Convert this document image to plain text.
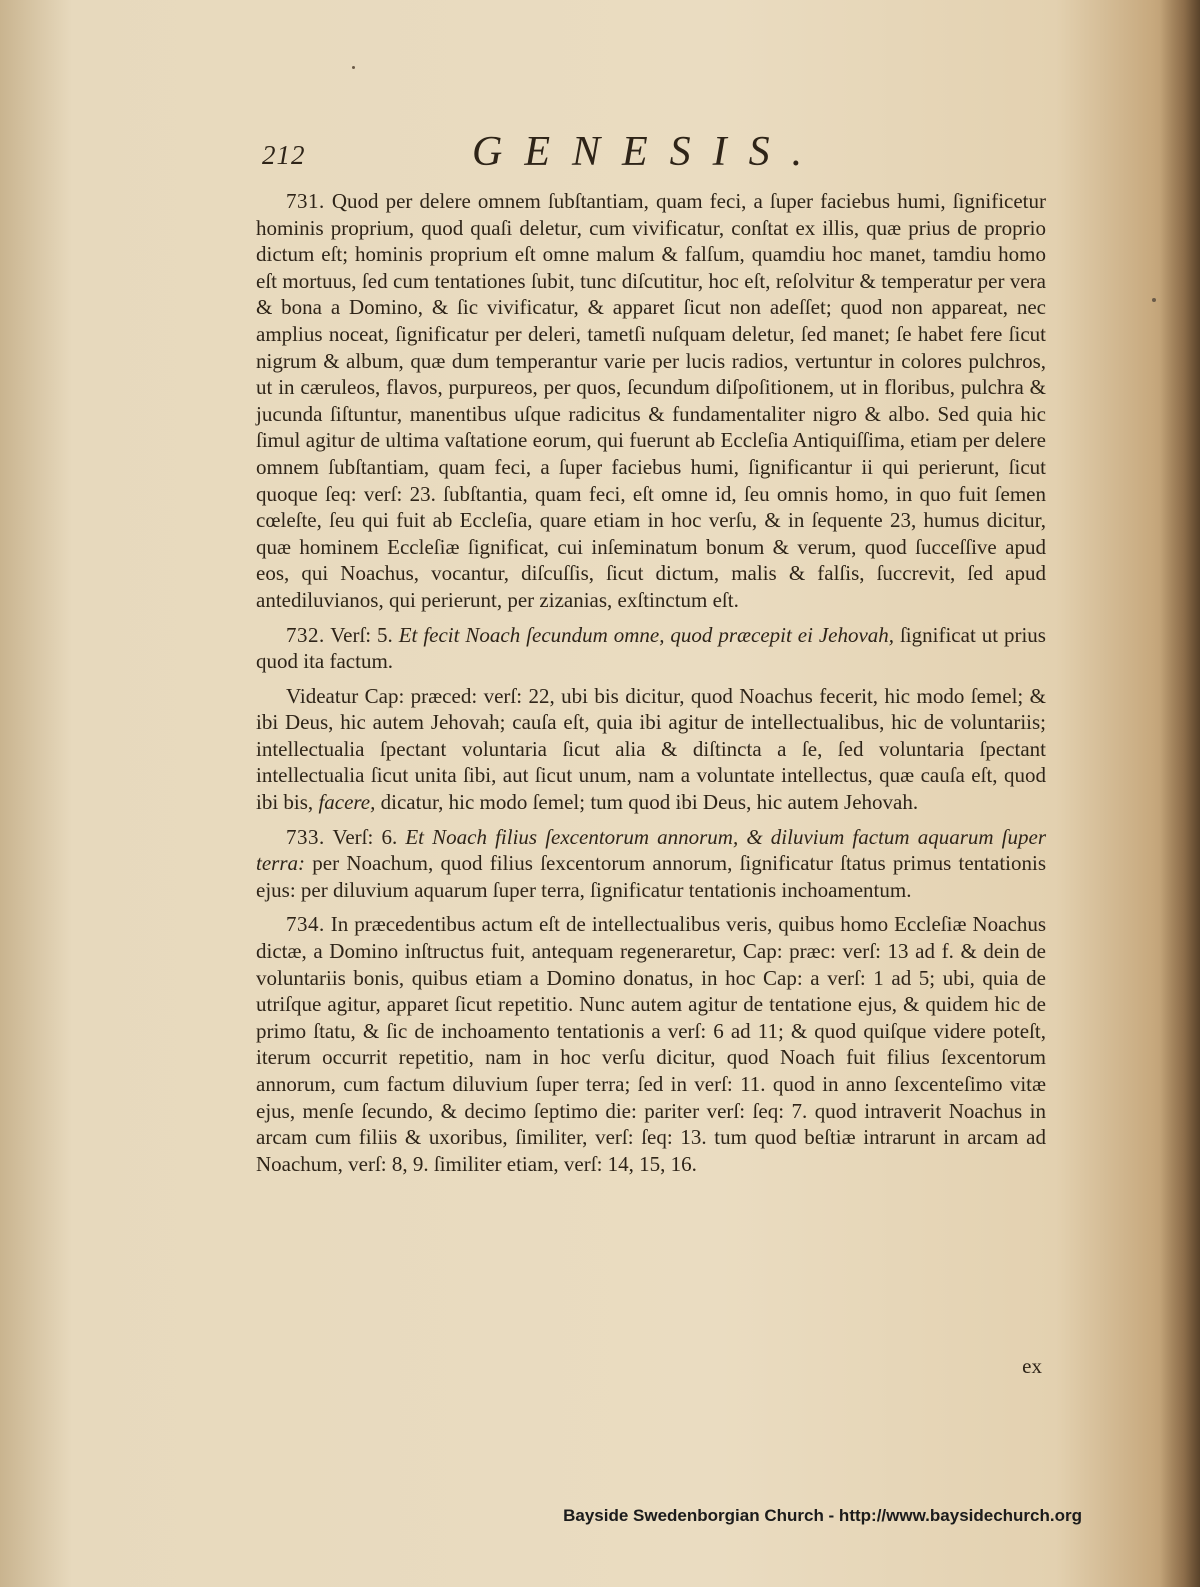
212	GENESIS.

731. Quod per delere omnem ſubſtantiam, quam feci, a ſuper faciebus humi, ſignificetur hominis proprium, quod quaſi deletur, cum vivificatur, conſtat ex illis, quæ prius de proprio dictum eſt; hominis proprium eſt omne malum & falſum, quamdiu hoc manet, tamdiu homo eſt mortuus, ſed cum tentationes ſubit, tunc diſcutitur, hoc eſt, reſolvitur & temperatur per vera & bona a Domino, & ſic vivificatur, & apparet ſicut non adeſſet; quod non appareat, nec amplius noceat, ſignificatur per deleri, tametſi nuſquam deletur, ſed manet; ſe habet fere ſicut nigrum & album, quæ dum temperantur varie per lucis radios, vertuntur in colores pulchros, ut in cæruleos, flavos, purpureos, per quos, ſecundum diſpoſitionem, ut in floribus, pulchra & jucunda ſiſtuntur, manentibus uſque radicitus & fundamentaliter nigro & albo. Sed quia hic ſimul agitur de ultima vaſtatione eorum, qui fuerunt ab Eccleſia Antiquiſſima, etiam per delere omnem ſubſtantiam, quam feci, a ſuper faciebus humi, ſignificantur ii qui perierunt, ſicut quoque ſeq: verſ: 23. ſubſtantia, quam feci, eſt omne id, ſeu omnis homo, in quo fuit ſemen cœleſte, ſeu qui fuit ab Eccleſia, quare etiam in hoc verſu, & in ſequente 23, humus dicitur, quæ hominem Eccleſiæ ſignificat, cui inſeminatum bonum & verum, quod ſucceſſive apud eos, qui Noachus, vocantur, diſcuſſis, ſicut dictum, malis & falſis, ſuccrevit, ſed apud antediluvianos, qui perierunt, per zizanias, exſtinctum eſt.

732. Verſ: 5. Et fecit Noach ſecundum omne, quod præcepit ei Jehovah, ſignificat ut prius quod ita factum.

Videatur Cap: præced: verſ: 22, ubi bis dicitur, quod Noachus fecerit, hic modo ſemel; & ibi Deus, hic autem Jehovah; cauſa eſt, quia ibi agitur de intellectualibus, hic de voluntariis; intellectualia ſpectant voluntaria ſicut alia & diſtincta a ſe, ſed voluntaria ſpectant intellectualia ſicut unita ſibi, aut ſicut unum, nam a voluntate intellectus, quæ cauſa eſt, quod ibi bis, facere, dicatur, hic modo ſemel; tum quod ibi Deus, hic autem Jehovah.

733. Verſ: 6. Et Noach filius ſexcentorum annorum, & diluvium factum aquarum ſuper terra: per Noachum, quod filius ſexcentorum annorum, ſignificatur ſtatus primus tentationis ejus: per diluvium aquarum ſuper terra, ſignificatur tentationis inchoamentum.

734. In præcedentibus actum eſt de intellectualibus veris, quibus homo Eccleſiæ Noachus dictæ, a Domino inſtructus fuit, antequam regeneraretur, Cap: præc: verſ: 13 ad f. & dein de voluntariis bonis, quibus etiam a Domino donatus, in hoc Cap: a verſ: 1 ad 5; ubi, quia de utriſque agitur, apparet ſicut repetitio. Nunc autem agitur de tentatione ejus, & quidem hic de primo ſtatu, & ſic de inchoamento tentationis a verſ: 6 ad 11; & quod quiſque videre poteſt, iterum occurrit repetitio, nam in hoc verſu dicitur, quod Noach fuit filius ſexcentorum annorum, cum factum diluvium ſuper terra; ſed in verſ: 11. quod in anno ſexcenteſimo vitæ ejus, menſe ſecundo, & decimo ſeptimo die: pariter verſ: ſeq: 7. quod intraverit Noachus in arcam cum filiis & uxoribus, ſimiliter, verſ: ſeq: 13. tum quod beſtiæ intrarunt in arcam ad Noachum, verſ: 8, 9. ſimiliter etiam, verſ: 14, 15, 16.

ex
Bayside Swedenborgian Church - http://www.baysidechurch.org
